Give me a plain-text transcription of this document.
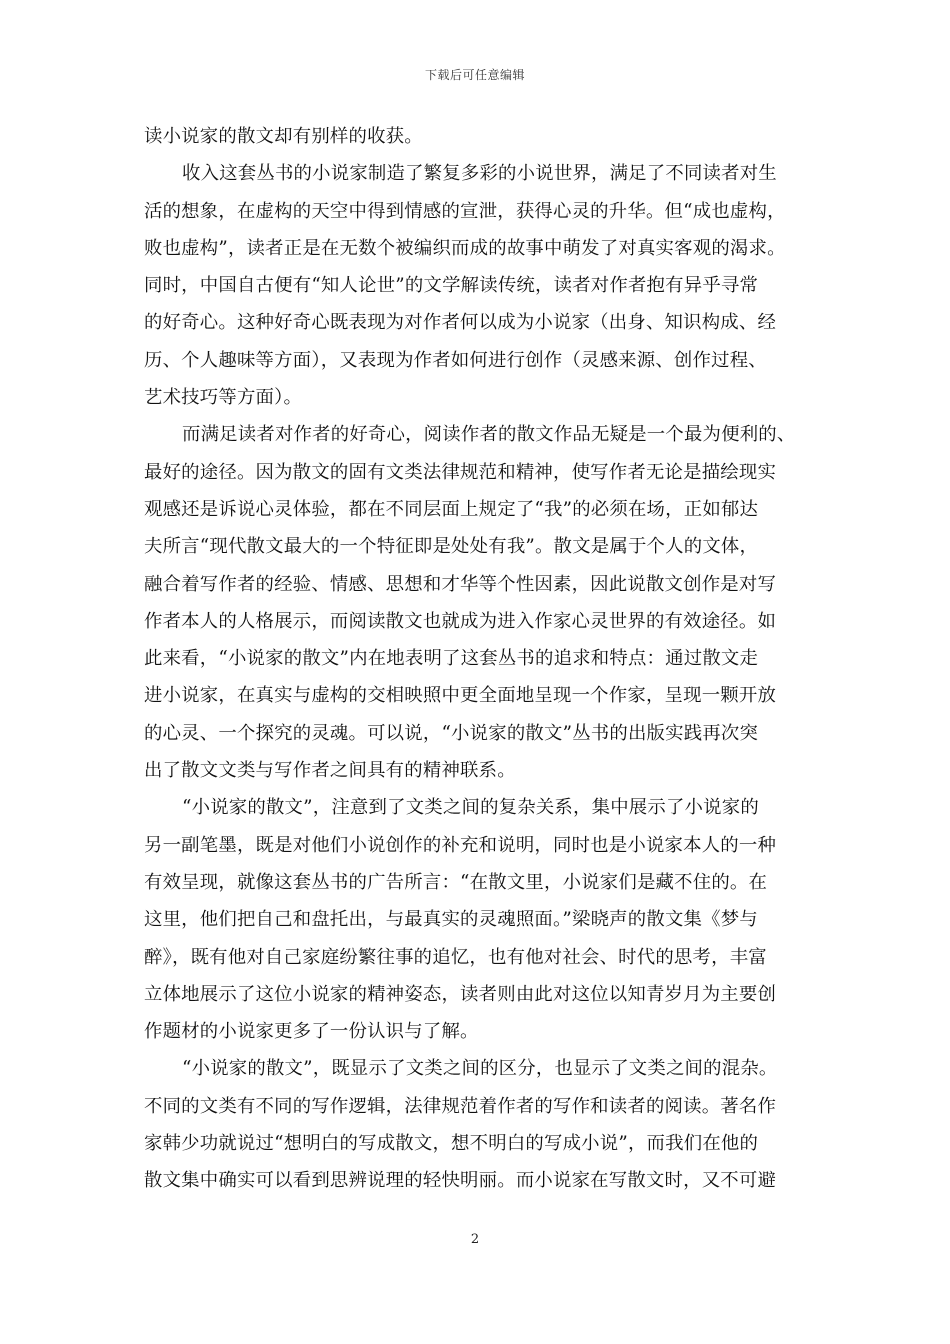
下载后可任意编辑
读小说家的散文却有别样的收获。
收入这套丛书的小说家制造了繁复多彩的小说世界，满足了不同读者对生
活的想象，在虚构的天空中得到情感的宣泄，获得心灵的升华。但“成也虚构，
败也虚构”，读者正是在无数个被编织而成的故事中萌发了对真实客观的渴求。
同时，中国自古便有“知人论世”的文学解读传统，读者对作者抱有异乎寻常
的好奇心。这种好奇心既表现为对作者何以成为小说家（出身、知识构成、经
历、个人趣味等方面），又表现为作者如何进行创作（灵感来源、创作过程、
艺术技巧等方面）。
而满足读者对作者的好奇心，阅读作者的散文作品无疑是一个最为便利的、
最好的途径。因为散文的固有文类法律规范和精神，使写作者无论是描绘现实
观感还是诉说心灵体验，都在不同层面上规定了“我”的必须在场，正如郁达
夫所言“现代散文最大的一个特征即是处处有我”。散文是属于个人的文体，
融合着写作者的经验、情感、思想和才华等个性因素，因此说散文创作是对写
作者本人的人格展示，而阅读散文也就成为进入作家心灵世界的有效途径。如
此来看，“小说家的散文”内在地表明了这套丛书的追求和特点：通过散文走
进小说家，在真实与虚构的交相映照中更全面地呈现一个作家，呈现一颗开放
的心灵、一个探究的灵魂。可以说，“小说家的散文”丛书的出版实践再次突
出了散文文类与写作者之间具有的精神联系。
“小说家的散文”，注意到了文类之间的复杂关系，集中展示了小说家的
另一副笔墨，既是对他们小说创作的补充和说明，同时也是小说家本人的一种
有效呈现，就像这套丛书的广告所言：“在散文里，小说家们是藏不住的。在
这里，他们把自己和盘托出，与最真实的灵魂照面。”梁晓声的散文集《梦与
醉》，既有他对自己家庭纷繁往事的追忆，也有他对社会、时代的思考，丰富
立体地展示了这位小说家的精神姿态，读者则由此对这位以知青岁月为主要创
作题材的小说家更多了一份认识与了解。
“小说家的散文”，既显示了文类之间的区分，也显示了文类之间的混杂。
不同的文类有不同的写作逻辑，法律规范着作者的写作和读者的阅读。著名作
家韩少功就说过“想明白的写成散文，想不明白的写成小说”，而我们在他的
散文集中确实可以看到思辨说理的轻快明丽。而小说家在写散文时，又不可避
2
